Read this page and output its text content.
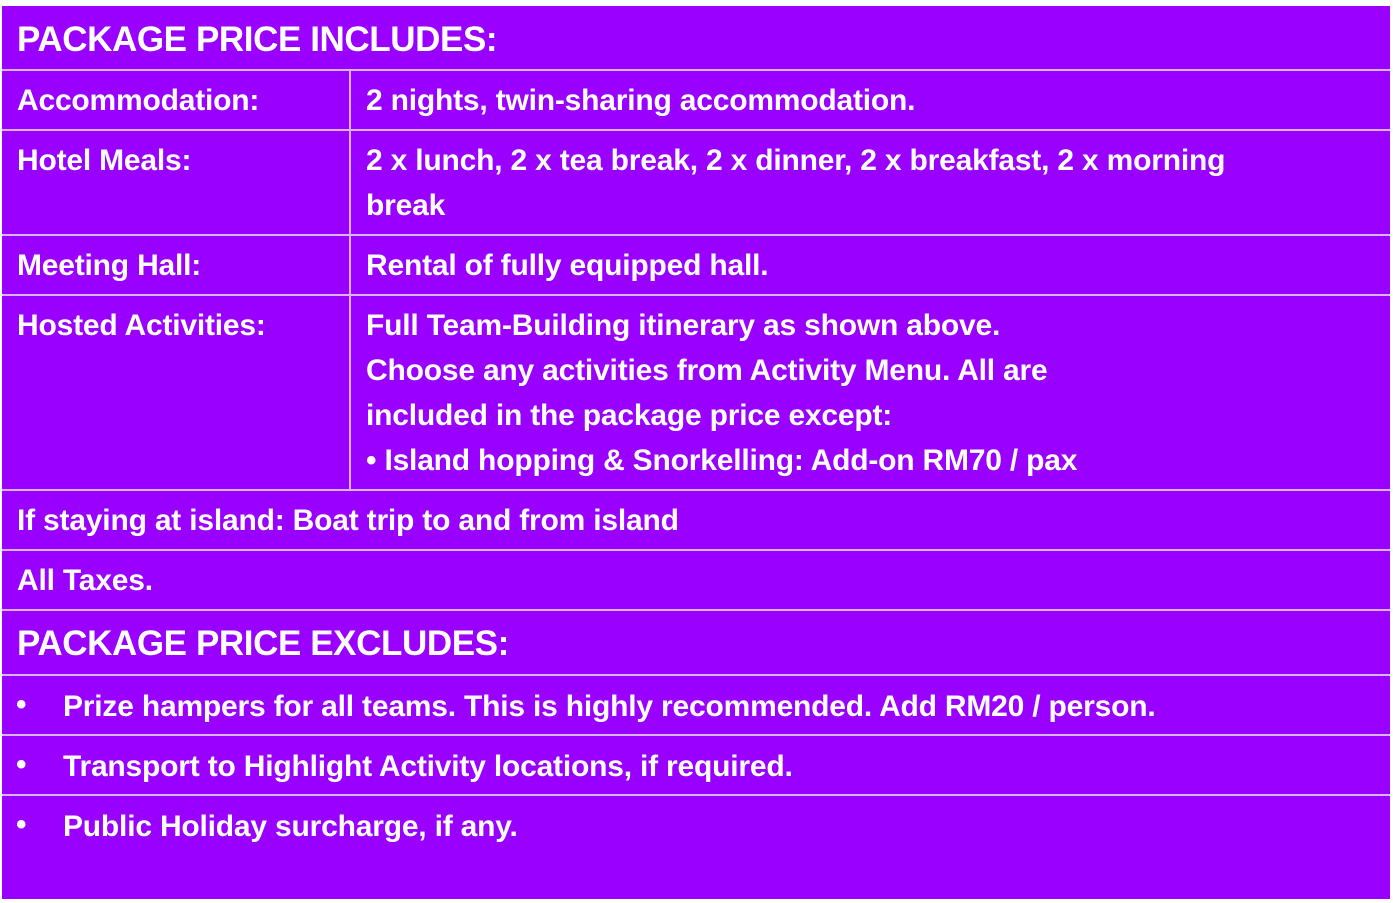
PACKAGE PRICE INCLUDES:
Accommodation:	2 nights, twin-sharing accommodation.
Hotel Meals:	2 x lunch, 2 x tea break, 2 x dinner, 2 x breakfast, 2 x morning
break
Meeting Hall:	Rental of fully equipped hall.
Hosted Activities:	Full Team-Building itinerary as shown above.
Choose any activities from Activity Menu. All are
included in the package price except:
• Island hopping & Snorkelling: Add-on RM70 / pax
If staying at island: Boat trip to and from island
All Taxes.
PACKAGE PRICE EXCLUDES:
• Prize hampers for all teams. This is highly recommended. Add RM20 / person.
• Transport to Highlight Activity locations, if required.
• Public Holiday surcharge, if any.
